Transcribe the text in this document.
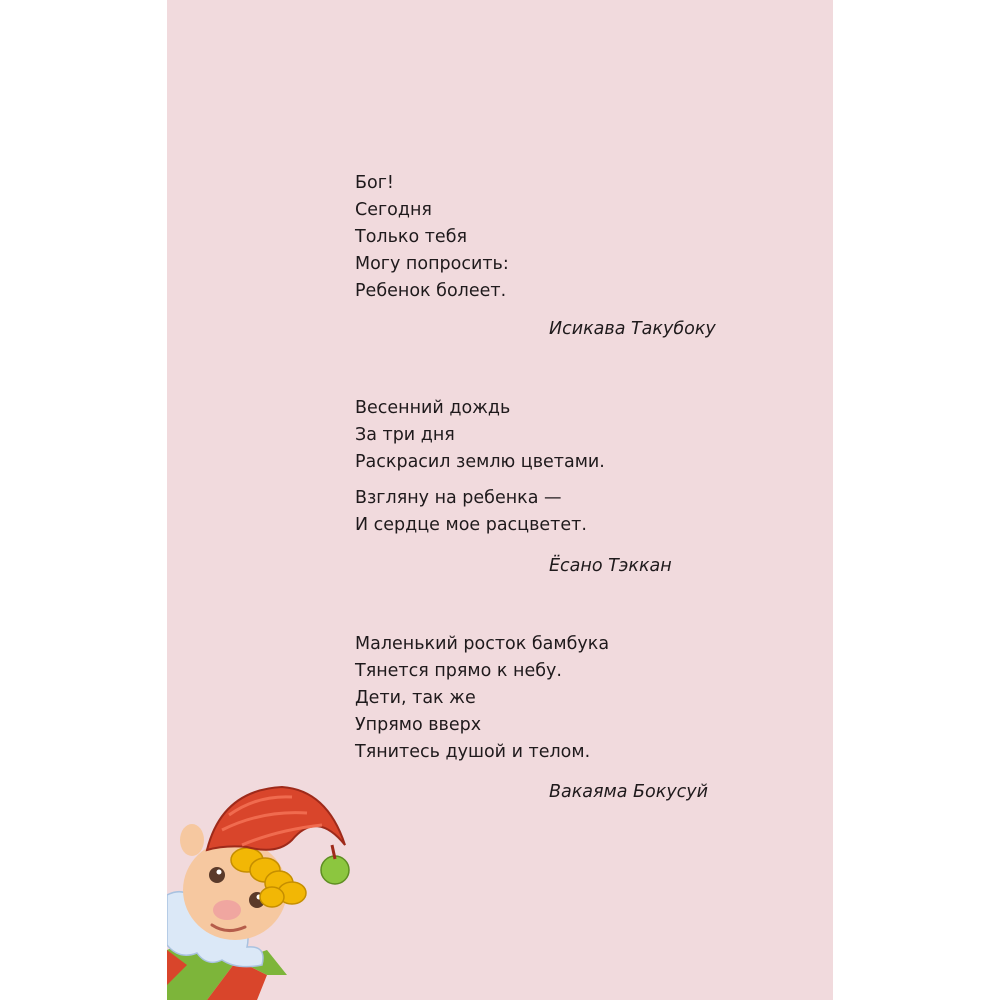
Бог!
Сегодня
Только тебя
Могу попросить:
Ребенок болеет.
Исикава Такубоку
Весенний дождь
За три дня
Раскрасил землю цветами.
Взгляну на ребенка —
И сердце мое расцветет.
Ёсано Тэккан
Маленький росток бамбука
Тянется прямо к небу.
Дети, так же
Упрямо вверх
Тянитесь душой и телом.
Вакаяма Бокусуй
